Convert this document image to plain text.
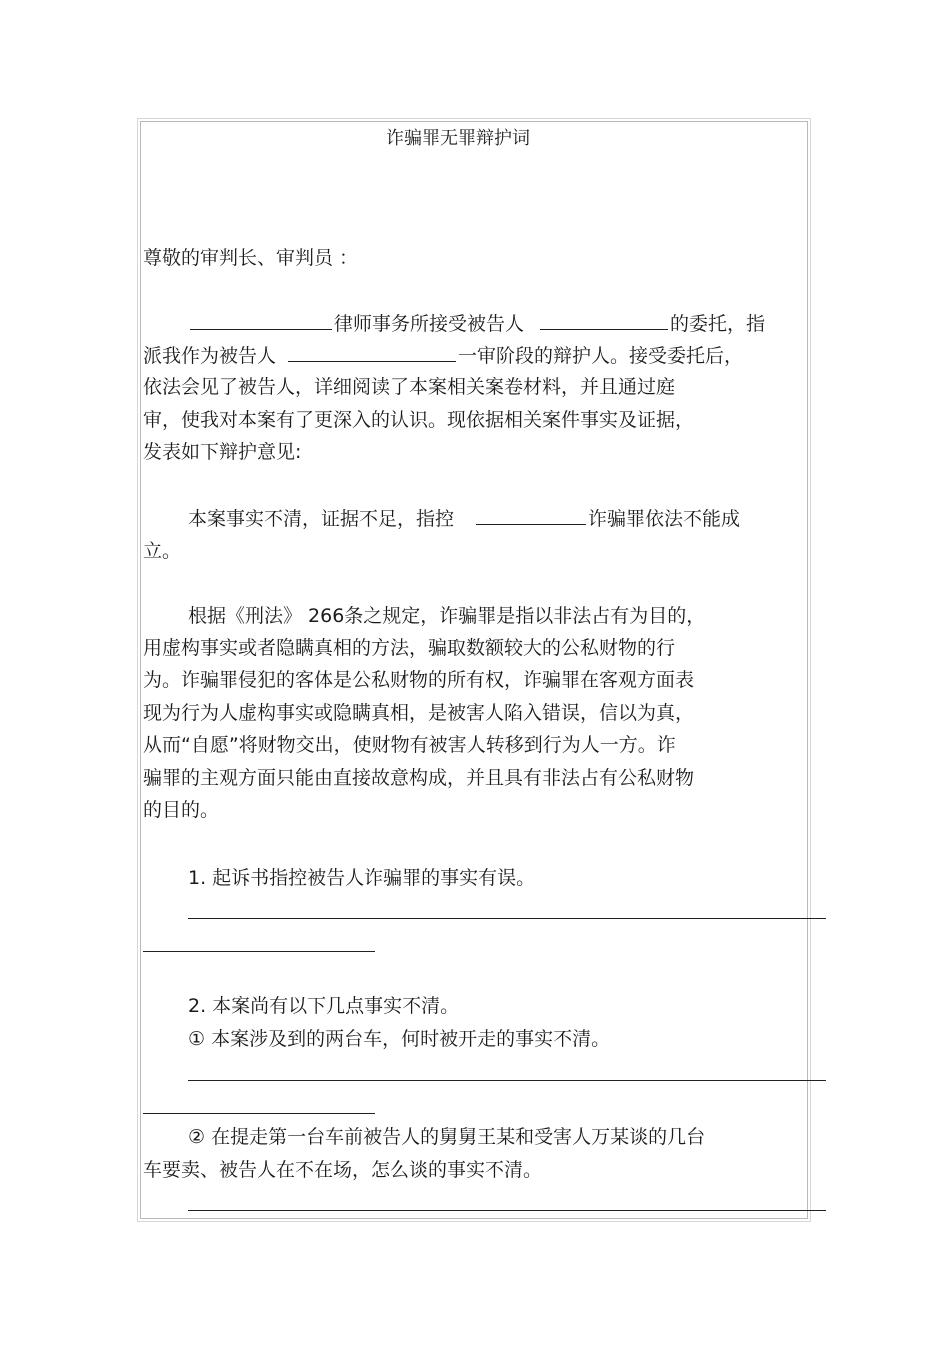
诈骗罪无罪辩护词
尊敬的审判长、审判员 ：
律师事务所接受被告人	的委托，指
派我作为被告人	一审阶段的辩护人。接受委托后，
依法会见了被告人，详细阅读了本案相关案卷材料，并且通过庭
审，使我对本案有了更深入的认识。现依据相关案件事实及证据，
发表如下辩护意见:
本案事实不清，证据不足，指控	诈骗罪依法不能成
立。
根据《刑法》 266条之规定，诈骗罪是指以非法占有为目的，
用虚构事实或者隐瞒真相的方法，骗取数额较大的公私财物的行
为。诈骗罪侵犯的客体是公私财物的所有权，诈骗罪在客观方面表
现为行为人虚构事实或隐瞒真相，是被害人陷入错误，信以为真，
从而“自愿”将财物交出，使财物有被害人转移到行为人一方。诈
骗罪的主观方面只能由直接故意构成，并且具有非法占有公私财物
的目的。
1. 起诉书指控被告人诈骗罪的事实有误。
2. 本案尚有以下几点事实不清。
① 本案涉及到的两台车，何时被开走的事实不清。
② 在提走第一台车前被告人的舅舅王某和受害人万某谈的几台
车要卖、被告人在不在场，怎么谈的事实不清。
